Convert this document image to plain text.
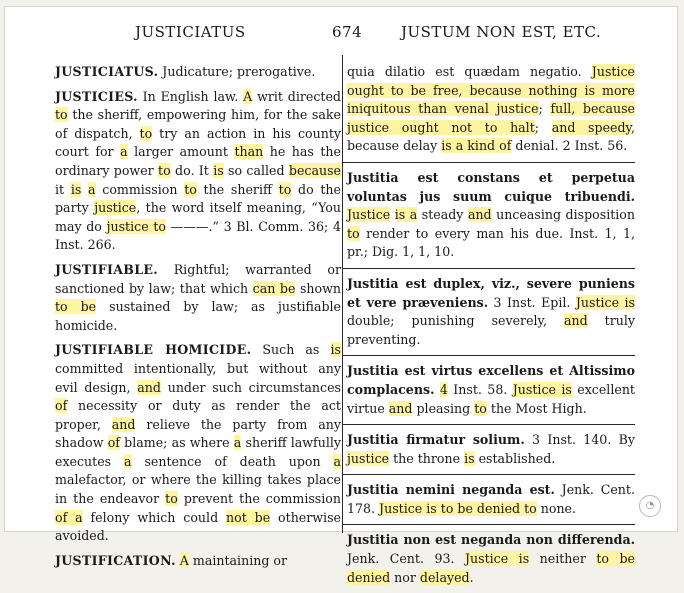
JUSTICIATUS	674	JUSTUM NON EST, ETC.

JUSTICIATUS. Judicature; prerogative.

JUSTICIES. In English law. A writ directed to the sheriff, empowering him, for the sake of dispatch, to try an action in his county court for a larger amount than he has the ordinary power to do. It is so called because it is a commission to the sheriff to do the party justice, the word itself meaning, “You may do justice to ———.” 3 Bl. Comm. 36; 4 Inst. 266.

JUSTIFIABLE. Rightful; warranted or sanctioned by law; that which can be shown to be sustained by law; as justifiable homicide.

JUSTIFIABLE HOMICIDE. Such as is committed intentionally, but without any evil design, and under such circumstances of necessity or duty as render the act proper, and relieve the party from any shadow of blame; as where a sheriff lawfully executes a sentence of death upon a malefactor, or where the killing takes place in the endeavor to prevent the commission of a felony which could not be otherwise avoided.

JUSTIFICATION. A maintaining or

quia dilatio est quædam negatio. Justice ought to be free, because nothing is more iniquitous than venal justice; full, because justice ought not to halt; and speedy, because delay is a kind of denial. 2 Inst. 56.

Justitia est constans et perpetua voluntas jus suum cuique tribuendi. Justice is a steady and unceasing disposition to render to every man his due. Inst. 1, 1, pr.; Dig. 1, 1, 10.

Justitia est duplex, viz., severe puniens et vere præveniens. 3 Inst. Epil. Justice is double; punishing severely, and truly preventing.

Justitia est virtus excellens et Altissimo complacens. 4 Inst. 58. Justice is excellent virtue and pleasing to the Most High.

Justitia firmatur solium. 3 Inst. 140. By justice the throne is established.

Justitia nemini neganda est. Jenk. Cent. 178. Justice is to be denied to none.

Justitia non est neganda non differenda. Jenk. Cent. 93. Justice is neither to be denied nor delayed.

◔
